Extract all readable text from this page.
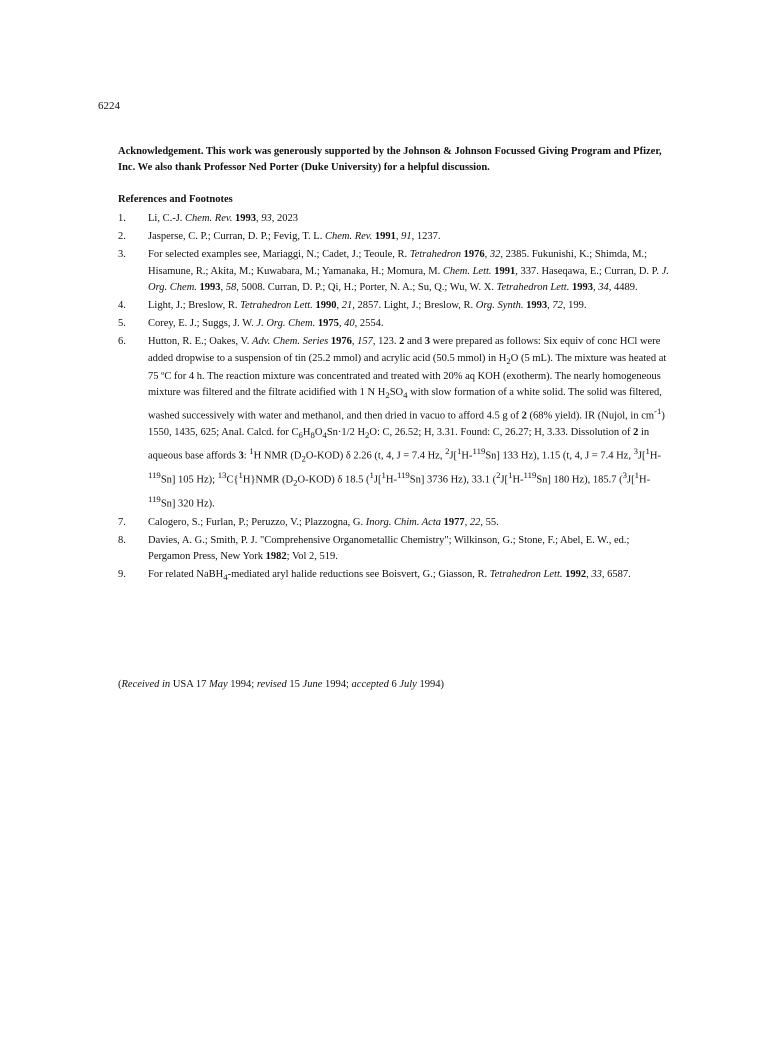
6224

Acknowledgement. This work was generously supported by the Johnson & Johnson Focussed Giving Program and Pfizer, Inc. We also thank Professor Ned Porter (Duke University) for a helpful discussion.

References and Footnotes

1.	Li, C.-J. Chem. Rev. 1993, 93, 2023
2.	Jasperse, C. P.; Curran, D. P.; Fevig, T. L. Chem. Rev. 1991, 91, 1237.
3.	For selected examples see, Mariaggi, N.; Cadet, J.; Teoule, R. Tetrahedron 1976, 32, 2385. Fukunishi, K.; Shimda, M.; Hisamune, R.; Akita, M.; Kuwabara, M.; Yamanaka, H.; Momura, M. Chem. Lett. 1991, 337. Haseqawa, E.; Curran, D. P. J. Org. Chem. 1993, 58, 5008. Curran, D. P.; Qi, H.; Porter, N. A.; Su, Q.; Wu, W. X. Tetrahedron Lett. 1993, 34, 4489.
4.	Light, J.; Breslow, R. Tetrahedron Lett. 1990, 21, 2857. Light, J.; Breslow, R. Org. Synth. 1993, 72, 199.
5.	Corey, E. J.; Suggs, J. W. J. Org. Chem. 1975, 40, 2554.
6.	Hutton, R. E.; Oakes, V. Adv. Chem. Series 1976, 157, 123. 2 and 3 were prepared as follows: Six equiv of conc HCl were added dropwise to a suspension of tin (25.2 mmol) and acrylic acid (50.5 mmol) in $H_2O$ (5 mL). The mixture was heated at 75 ºC for 4 h. The reaction mixture was concentrated and treated with 20% aq KOH (exotherm). The nearly homogeneous mixture was filtered and the filtrate acidified with 1 N $H_2SO_4$ with slow formation of a white solid. The solid was filtered, washed successively with water and methanol, and then dried in vacuo to afford 4.5 g of 2 (68% yield). IR (Nujol, in $cm^{-1}$) 1550, 1435, 625; Anal. Calcd. for $C_6H_8O_4Sn\cdot 1/2$ $H_2O$: C, 26.52; H, 3.31. Found: C, 26.27; H, 3.33. Dissolution of 2 in aqueous base affords 3: $^1$H NMR $(D_2O-KOD)$ δ 2.26 (t, 4, J = 7.4 Hz, $^2$J[$^1$H-$^{119}$Sn] 133 Hz), 1.15 (t, 4, J = 7.4 Hz, $^3$J[$^1$H-$^{119}$Sn] 105 Hz); $^{13}$C{$^1$H}NMR $(D_2O-KOD)$ δ 18.5 ($^1$J[$^1$H-$^{119}$Sn] 3736 Hz), 33.1 ($^2$J[$^1$H-$^{119}$Sn] 180 Hz), 185.7 ($^3$J[$^1$H-$^{119}$Sn] 320 Hz).
7.	Calogero, S.; Furlan, P.; Peruzzo, V.; Plazzogna, G. Inorg. Chim. Acta 1977, 22, 55.
8.	Davies, A. G.; Smith, P. J. "Comprehensive Organometallic Chemistry"; Wilkinson, G.; Stone, F.; Abel, E. W., ed.; Pergamon Press, New York 1982; Vol 2, 519.
9.	For related NaBH$_4$-mediated aryl halide reductions see Boisvert, G.; Giasson, R. Tetrahedron Lett. 1992, 33, 6587.

(Received in USA 17 May 1994; revised 15 June 1994; accepted 6 July 1994)
